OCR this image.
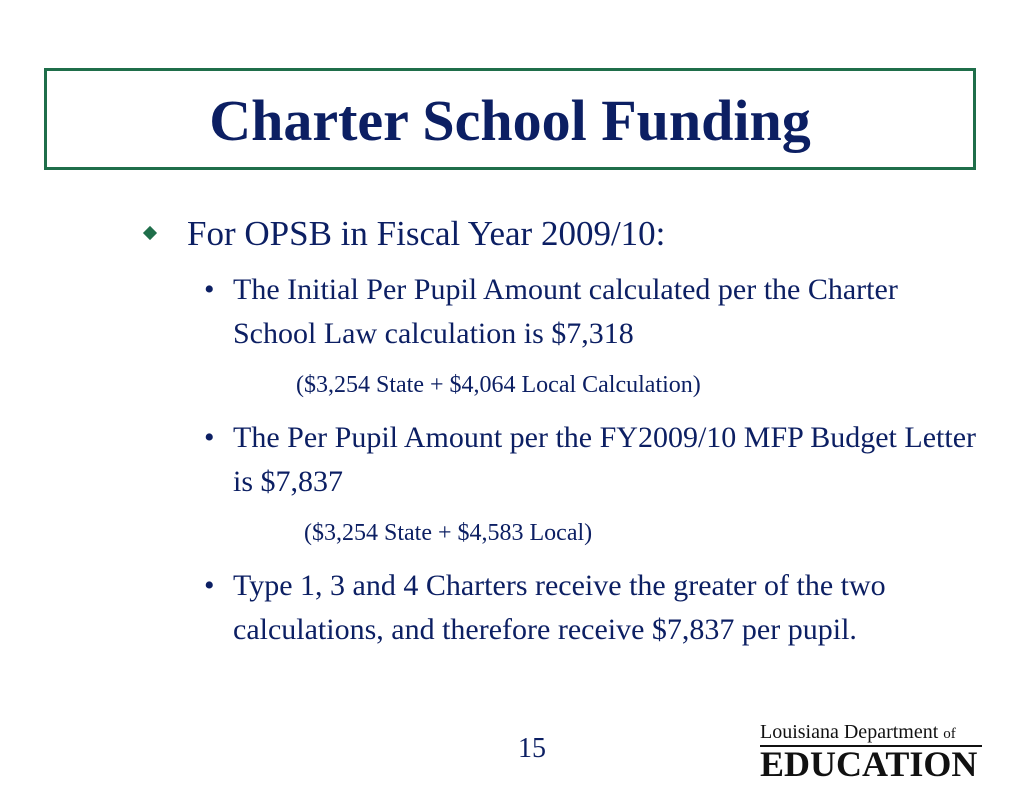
Charter School Funding
For OPSB in Fiscal Year 2009/10:
• The Initial Per Pupil Amount calculated per the Charter School Law calculation is $7,318
($3,254 State + $4,064 Local Calculation)
• The Per Pupil Amount per the FY2009/10 MFP Budget Letter is $7,837
($3,254 State + $4,583 Local)
• Type 1, 3 and 4 Charters receive the greater of the two calculations, and therefore receive $7,837 per pupil.
15
Louisiana Department of
EDUCATION
